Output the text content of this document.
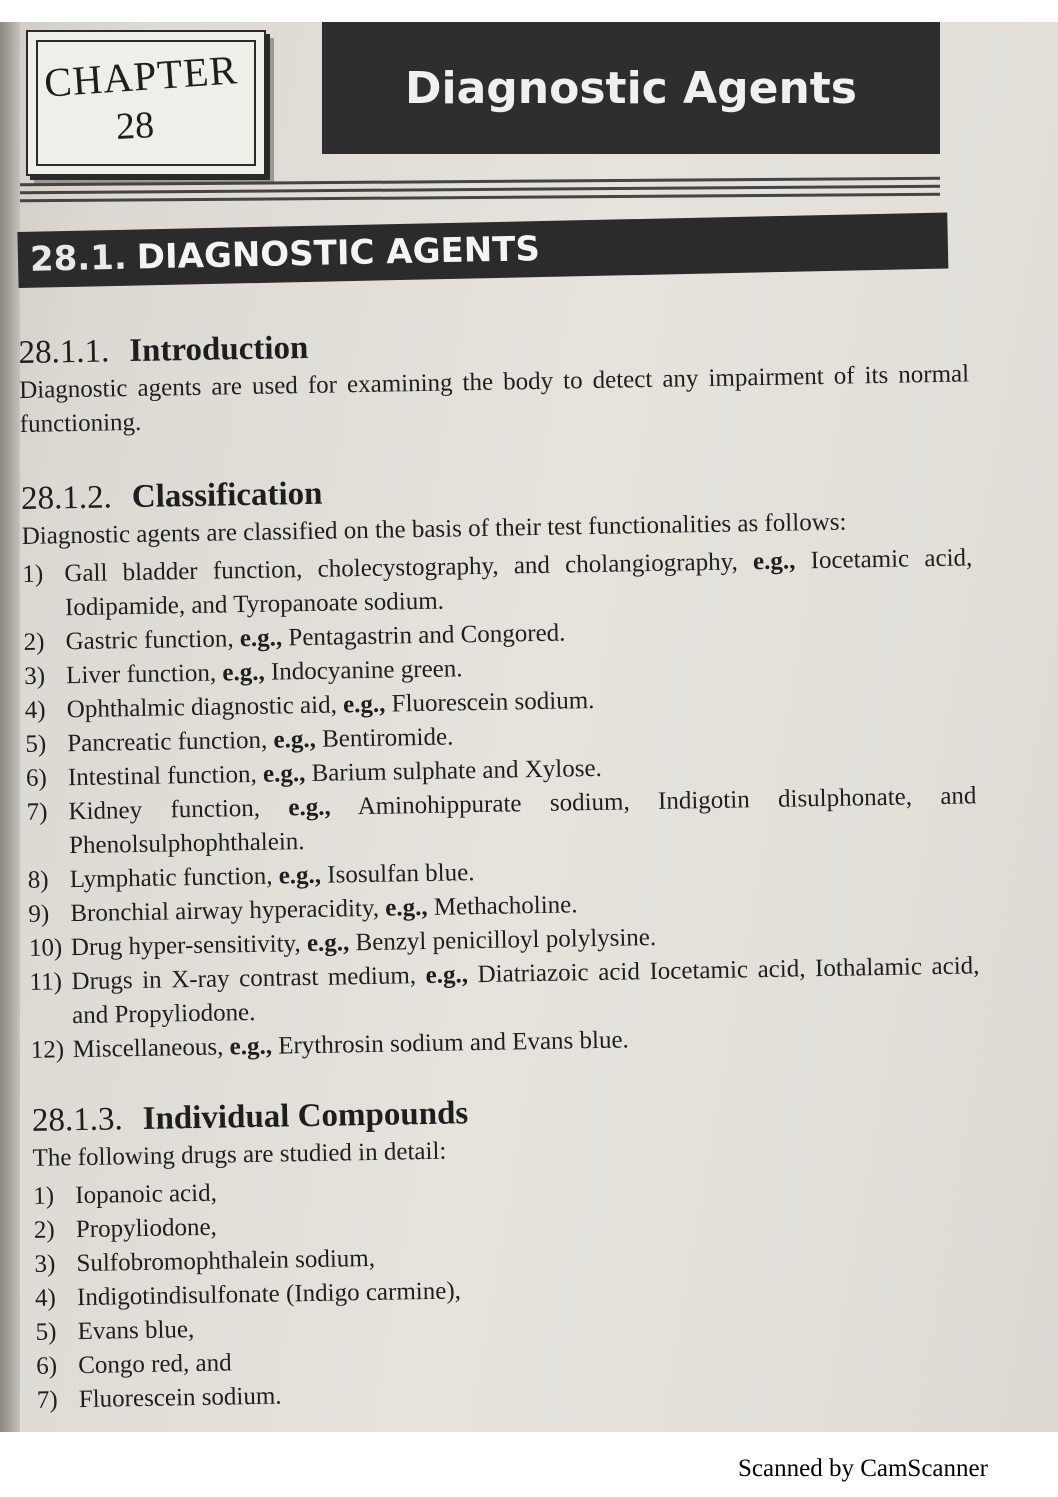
CHAPTER
28
Diagnostic Agents
28.1. DIAGNOSTIC AGENTS
28.1.1. Introduction

Diagnostic agents are used for examining the body to detect any impairment of its normal functioning.

28.1.2. Classification

Diagnostic agents are classified on the basis of their test functionalities as follows:

1) Gall bladder function, cholecystography, and cholangiography, e.g., Iocetamic acid, Iodipamide, and Tyropanoate sodium.
2) Gastric function, e.g., Pentagastrin and Congored.
3) Liver function, e.g., Indocyanine green.
4) Ophthalmic diagnostic aid, e.g., Fluorescein sodium.
5) Pancreatic function, e.g., Bentiromide.
6) Intestinal function, e.g., Barium sulphate and Xylose.
7) Kidney function, e.g., Aminohippurate sodium, Indigotin disulphonate, and Phenolsulphophthalein.
8) Lymphatic function, e.g., Isosulfan blue.
9) Bronchial airway hyperacidity, e.g., Methacholine.
10) Drug hyper-sensitivity, e.g., Benzyl penicilloyl polylysine.
11) Drugs in X-ray contrast medium, e.g., Diatriazoic acid Iocetamic acid, Iothalamic acid, and Propyliodone.
12) Miscellaneous, e.g., Erythrosin sodium and Evans blue.
28.1.3. Individual Compounds

The following drugs are studied in detail:

1) Iopanoic acid,
2) Propyliodone,
3) Sulfobromophthalein sodium,
4) Indigotindisulfonate (Indigo carmine),
5) Evans blue,
6) Congo red, and
7) Fluorescein sodium.
Scanned by CamScanner
